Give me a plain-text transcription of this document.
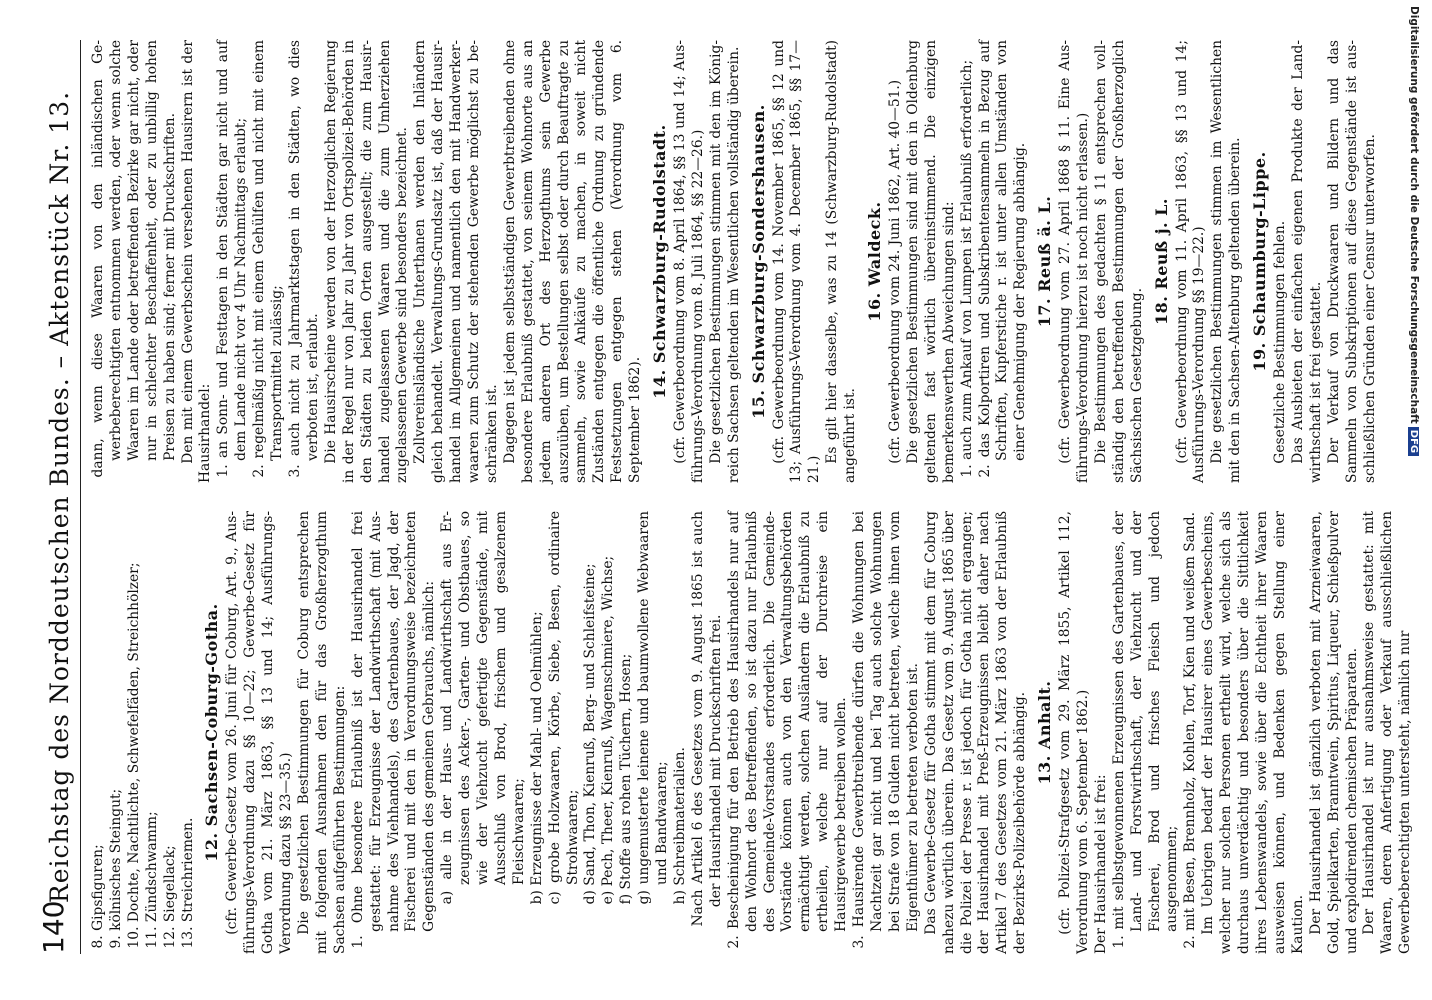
140
Reichstag des Norddeutschen Bundes. – Aktenstück Nr. 13. 8. Gipsfiguren; 9. kölnisches Steingut; 10. Dochte, Nachtlichte, Schwefelfäden, Streichhölzer; 11. Zündschwamm; 12. Siegellack; 13. Streichriemen.

12. Sachsen-Coburg-Gotha. (cfr. Gewerbe-Gesetz vom 26. Juni für Coburg, Art. 9., Ausführungs-Verordnung dazu §§ 10—22; Gewerbe-Gesetz für Gotha vom 21. März 1863, §§ 13 und 14; Ausführungs-Verordnung dazu §§ 23—35.) Die gesetzlichen Bestimmungen für Coburg entsprechen mit folgenden Ausnahmen den für das Großherzogthum Sachsen aufgeführten Bestimmungen: 1. Ohne besondere Erlaubniß ist der Hausirhandel frei gestattet: für Erzeugnisse der Landwirthschaft (mit Ausnahme des Viehhandels), des Gartenbaues, der Jagd, der Fischerei und mit den in Verordnungsweise bezeichneten Gegenständen des gemeinen Gebrauchs, nämlich: a) alle in der Haus- und Landwirthschaft aus Erzeugnissen des Acker-, Garten- und Obstbaues, so wie der Viehzucht gefertigte Gegenstände, mit Ausschluß von Brod, frischem und gesalzenem Fleischwaaren; b) Erzeugnisse der Mahl- und Oelmühlen; c) grobe Holzwaaren, Körbe, Siebe, Besen, ordinaire Strohwaaren; d) Sand, Thon, Kienruß, Berg- und Schleifsteine; e) Pech, Theer, Kienruß, Wagenschmiere, Wichse; f) Stoffe aus rohen Tüchern, Hosen; g) ungemusterte leinene und baumwollene Webwaaren und Bandwaaren; h) Schreibmaterialien. Nach Artikel 6 des Gesetzes vom 9. August 1865 ist auch der Hausirhandel mit Druckschriften frei. 2. Bescheinigung für den Betrieb des Hausirhandels nur auf den Wohnort des Betreffenden, so ist dazu nur Erlaubniß des Gemeinde-Vorstandes erforderlich. Die Gemeinde-Vorstände können auch von den Verwaltungsbehörden ermächtigt werden, solchen Ausländern die Erlaubniß zu ertheilen, welche nur auf der Durchreise ein Hausirgewerbe betreiben wollen. 3. Hausirende Gewerbtreibende dürfen die Wohnungen bei Nachtzeit gar nicht und bei Tag auch solche Wohnungen bei Strafe von 18 Gulden nicht betreten, welche ihnen vom Eigenthümer zu betreten verboten ist. Das Gewerbe-Gesetz für Gotha stimmt mit dem für Coburg nahezu wörtlich überein. Das Gesetz vom 9. August 1865 über die Polizei der Presse r. ist jedoch für Gotha nicht ergangen; der Hausirhandel mit Preß-Erzeugnissen bleibt daher nach Artikel 7 des Gesetzes vom 21. März 1863 von der Erlaubniß der Bezirks-Polizeibehörde abhängig. 13. Anhalt. (cfr. Polizei-Strafgesetz vom 29. März 1855, Artikel 112, Verordnung vom 6. September 1862.) Der Hausirhandel ist frei: 1. mit selbstgewonnenen Erzeugnissen des Gartenbaues, der Land- und Forstwirthschaft, der Viehzucht und der Fischerei, Brod und frisches Fleisch und jedoch ausgenommen; 2. mit Besen, Brennholz, Kohlen, Torf, Kien und weißem Sand. Im Uebrigen bedarf der Hausirer eines Gewerbescheins, welcher nur solchen Personen ertheilt wird, welche sich als durchaus unverdächtig und besonders über die Sittlichkeit ihres Lebenswandels, sowie über die Echtheit ihrer Waaren ausweisen können, und Bedenken gegen Stellung einer Kaution. Der Hausirhandel ist gänzlich verboten mit Arzneiwaaren, Gold, Spielkarten, Branntwein, Spiritus, Liqueur, Schießpulver und explodirenden chemischen Präparaten. Der Hausirhandel ist nur ausnahmsweise gestattet: mit Waaren, deren Anfertigung oder Verkauf ausschließlichen Gewerbeberechtigten untersteht, nämlich nur

dann, wenn diese Waaren von den inländischen Gewerbeberechtigten entnommen werden, oder wenn solche Waaren im Lande oder betreffenden Bezirke gar nicht, oder nur in schlechter Beschaffenheit, oder zu unbillig hohen Preisen zu haben sind; ferner mit Druckschriften. Den mit einem Gewerbschein versehenen Hausirern ist der Hausirhandel: 1. an Sonn- und Festtagen in den Städten gar nicht und auf dem Lande nicht vor 4 Uhr Nachmittags erlaubt; 2. regelmäßig nicht mit einem Gehülfen und nicht mit einem Transportmittel zulässig; 3. auch nicht zu Jahrmarktstagen in den Städten, wo dies verboten ist, erlaubt. Die Hausirscheine werden von der Herzoglichen Regierung in der Regel nur von Jahr zu Jahr von Ortspolizei-Behörden in den Städten zu beiden Orten ausgestellt; die zum Hausirhandel zugelassenen Waaren und die zum Umherziehen zugelassenen Gewerbe sind besonders bezeichnet. Zollvereinsländische Unterthanen werden den Inländern gleich behandelt. Verwaltungs-Grundsatz ist, daß der Hausirhandel im Allgemeinen und namentlich den mit Handwerkerwaaren zum Schutz der stehenden Gewerbe möglichst zu beschränken ist. Dagegen ist jedem selbstständigen Gewerbtreibenden ohne besondere Erlaubniß gestattet, von seinem Wohnorte aus an jedem anderen Ort des Herzogthums sein Gewerbe auszuüben, um Bestellungen selbst oder durch Beauftragte zu sammeln, sowie Ankäufe zu machen, in soweit nicht Zuständen entgegen die öffentliche Ordnung zu gründende Festsetzungen entgegen stehen (Verordnung vom 6. September 1862).

14. Schwarzburg-Rudolstadt. (cfr. Gewerbeordnung vom 8. April 1864, §§ 13 und 14; Ausführungs-Verordnung vom 8. Juli 1864, §§ 22—26.) Die gesetzlichen Bestimmungen stimmen mit den im Königreich Sachsen geltenden im Wesentlichen vollständig überein. 15. Schwarzburg-Sondershausen. (cfr. Gewerbeordnung vom 14. November 1865, §§ 12 und 13; Ausführungs-Verordnung vom 4. December 1865, §§ 17—21.)

Es gilt hier dasselbe, was zu 14 (Schwarzburg-Rudolstadt) angeführt ist.

16. Waldeck. (cfr. Gewerbeordnung vom 24. Juni 1862, Art. 40—51.) Die gesetzlichen Bestimmungen sind mit den in Oldenburg geltenden fast wörtlich übereinstimmend. Die einzigen bemerkenswerthen Abweichungen sind: 1. auch zum Ankauf von Lumpen ist Erlaubniß erforderlich; 2. das Kolportiren und Subskribentensammeln in Bezug auf Schriften, Kupferstiche r. ist unter allen Umständen von einer Genehmigung der Regierung abhängig. 17. Reuß ä. L. (cfr. Gewerbeordnung vom 27. April 1868 § 11. Eine Ausführungs-Verordnung hierzu ist noch nicht erlassen.) Die Bestimmungen des gedachten § 11 entsprechen vollständig den betreffenden Bestimmungen der Großherzoglich Sächsischen Gesetzgebung.

18. Reuß j. L. (cfr. Gewerbeordnung vom 11. April 1863, §§ 13 und 14; Ausführungs-Verordnung §§ 19—22.) Die gesetzlichen Bestimmungen stimmen im Wesentlichen mit den in Sachsen-Altenburg geltenden überein. 19. Schaumburg-Lippe. Gesetzliche Bestimmungen fehlen. Das Ausbieten der einfachen eigenen Produkte der Landwirthschaft ist frei gestattet. Der Verkauf von Druckwaaren und Bildern und das Sammeln von Subskriptionen auf diese Gegenstände ist ausschließlichen Gründen einer Censur unterworfen.	Digitalisierung gefördert durch die Deutsche ForschungsgemeinschaftDFG
